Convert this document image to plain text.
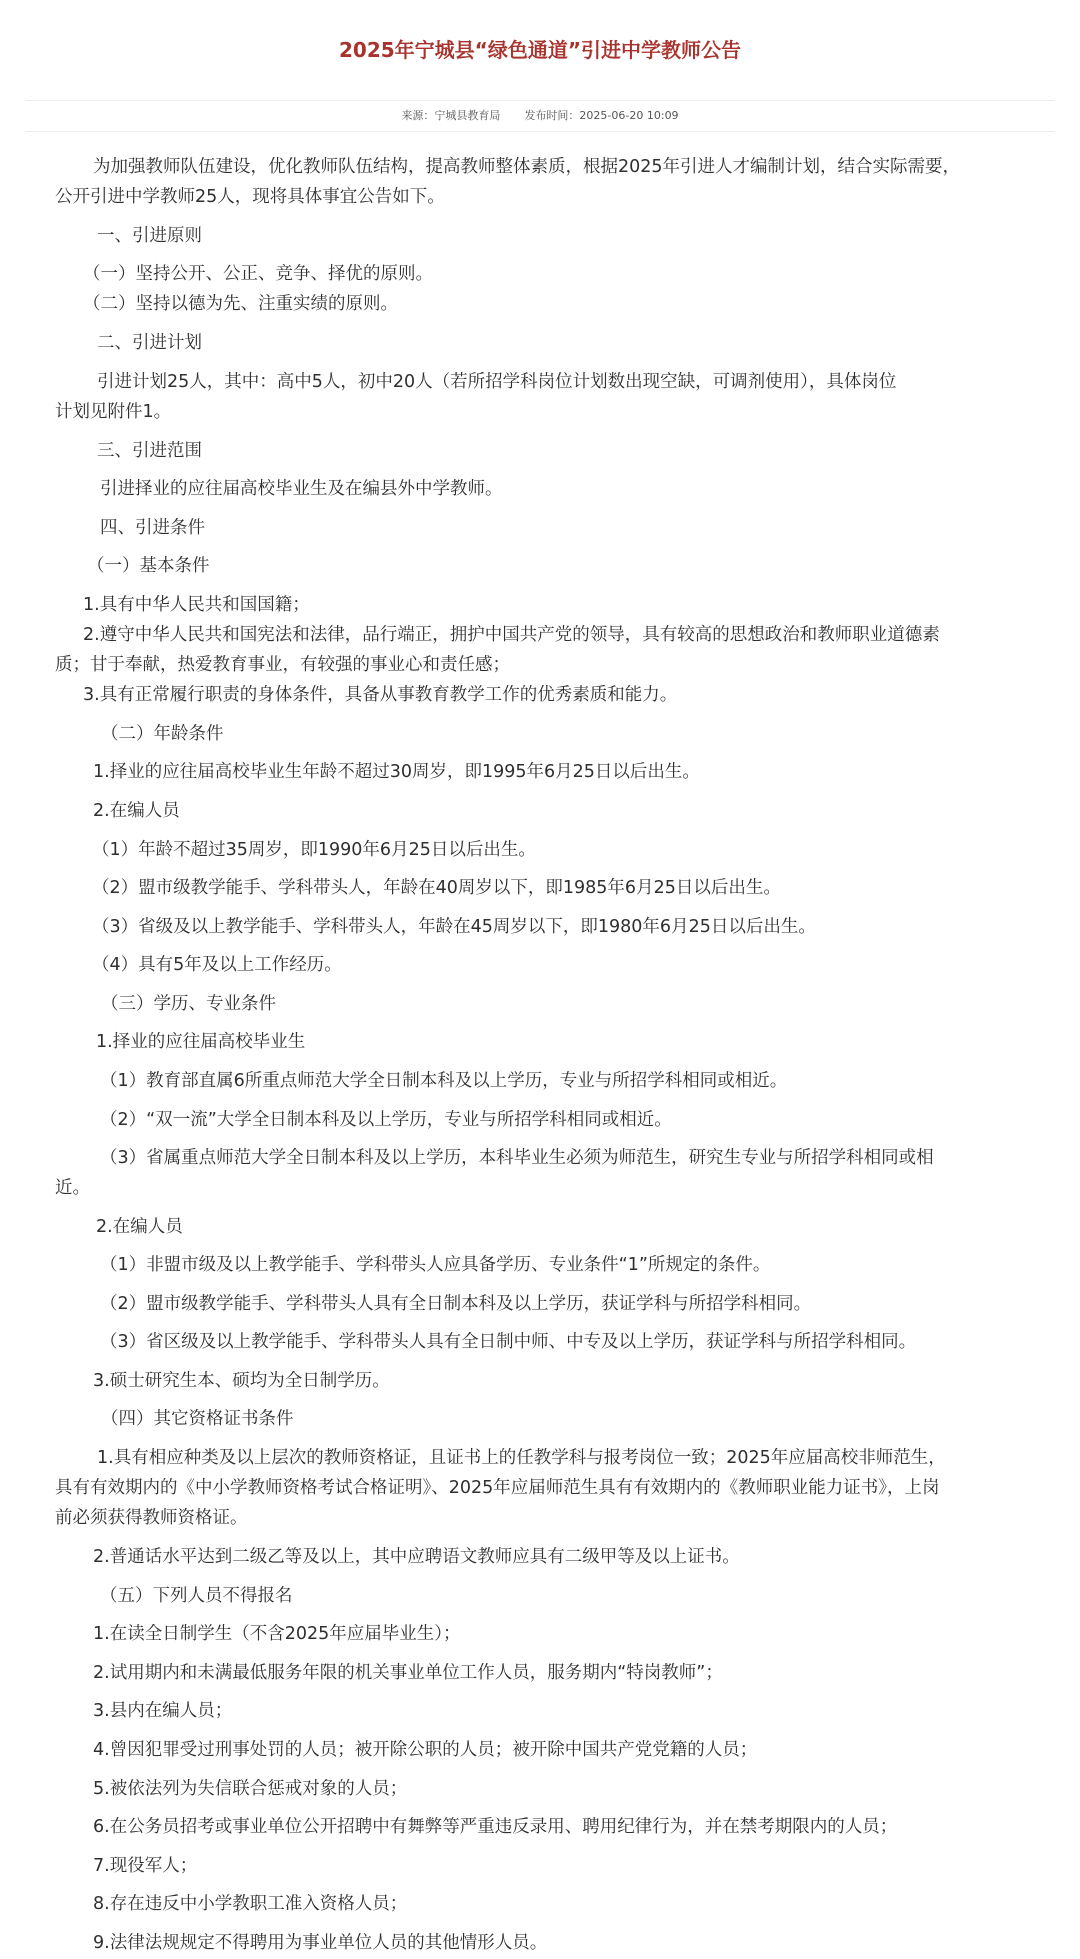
2025年宁城县“绿色通道”引进中学教师公告
来源：宁城县教育局 发布时间：2025-06-20 10:09

为加强教师队伍建设，优化教师队伍结构，提高教师整体素质，根据2025年引进人才编制计划，结合实际需要，

公开引进中学教师25人，现将具体事宜公告如下。

一、引进原则

（一）坚持公开、公正、竞争、择优的原则。

（二）坚持以德为先、注重实绩的原则。

二、引进计划

引进计划25人，其中：高中5人，初中20人（若所招学科岗位计划数出现空缺，可调剂使用），具体岗位

计划见附件1。

三、引进范围

引进择业的应往届高校毕业生及在编县外中学教师。

四、引进条件

（一）基本条件

1.具有中华人民共和国国籍；

2.遵守中华人民共和国宪法和法律，品行端正，拥护中国共产党的领导，具有较高的思想政治和教师职业道德素

质；甘于奉献，热爱教育事业，有较强的事业心和责任感；

3.具有正常履行职责的身体条件，具备从事教育教学工作的优秀素质和能力。

（二）年龄条件

1.择业的应往届高校毕业生年龄不超过30周岁，即1995年6月25日以后出生。

2.在编人员

（1）年龄不超过35周岁，即1990年6月25日以后出生。

（2）盟市级教学能手、学科带头人，年龄在40周岁以下，即1985年6月25日以后出生。

（3）省级及以上教学能手、学科带头人，年龄在45周岁以下，即1980年6月25日以后出生。

（4）具有5年及以上工作经历。

（三）学历、专业条件

1.择业的应往届高校毕业生

（1）教育部直属6所重点师范大学全日制本科及以上学历，专业与所招学科相同或相近。

（2）“双一流”大学全日制本科及以上学历，专业与所招学科相同或相近。

（3）省属重点师范大学全日制本科及以上学历，本科毕业生必须为师范生，研究生专业与所招学科相同或相

近。

2.在编人员

（1）非盟市级及以上教学能手、学科带头人应具备学历、专业条件“1”所规定的条件。

（2）盟市级教学能手、学科带头人具有全日制本科及以上学历，获证学科与所招学科相同。

（3）省区级及以上教学能手、学科带头人具有全日制中师、中专及以上学历，获证学科与所招学科相同。

3.硕士研究生本、硕均为全日制学历。

（四）其它资格证书条件

1.具有相应种类及以上层次的教师资格证，且证书上的任教学科与报考岗位一致；2025年应届高校非师范生，

具有有效期内的《中小学教师资格考试合格证明》、2025年应届师范生具有有效期内的《教师职业能力证书》，上岗

前必须获得教师资格证。

2.普通话水平达到二级乙等及以上，其中应聘语文教师应具有二级甲等及以上证书。

（五）下列人员不得报名

1.在读全日制学生（不含2025年应届毕业生）；

2.试用期内和未满最低服务年限的机关事业单位工作人员，服务期内“特岗教师”；

3.县内在编人员；

4.曾因犯罪受过刑事处罚的人员；被开除公职的人员；被开除中国共产党党籍的人员；

5.被依法列为失信联合惩戒对象的人员；

6.在公务员招考或事业单位公开招聘中有舞弊等严重违反录用、聘用纪律行为，并在禁考期限内的人员；

7.现役军人；

8.存在违反中小学教职工准入资格人员；

9.法律法规规定不得聘用为事业单位人员的其他情形人员。
